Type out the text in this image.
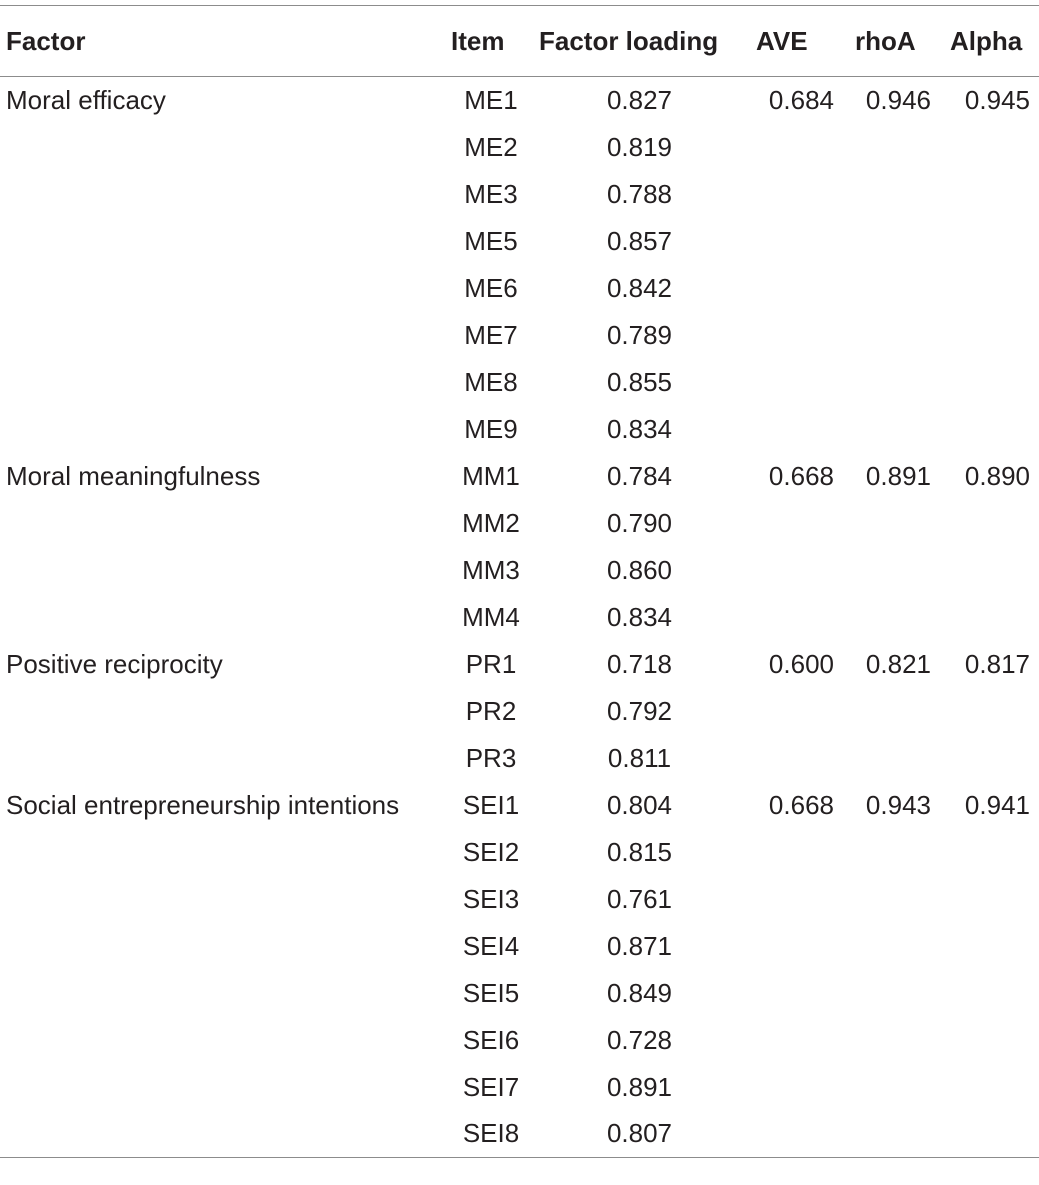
Factor	Item	Factor loading	AVE	rhoA	Alpha
Moral efficacy	ME1	0.827	0.684	0.946	0.945
	ME2	0.819			
	ME3	0.788			
	ME5	0.857			
	ME6	0.842			
	ME7	0.789			
	ME8	0.855			
	ME9	0.834			
Moral meaningfulness	MM1	0.784	0.668	0.891	0.890
	MM2	0.790			
	MM3	0.860			
	MM4	0.834			
Positive reciprocity	PR1	0.718	0.600	0.821	0.817
	PR2	0.792			
	PR3	0.811			
Social entrepreneurship intentions	SEI1	0.804	0.668	0.943	0.941
	SEI2	0.815			
	SEI3	0.761			
	SEI4	0.871			
	SEI5	0.849			
	SEI6	0.728			
	SEI7	0.891			
	SEI8	0.807			
